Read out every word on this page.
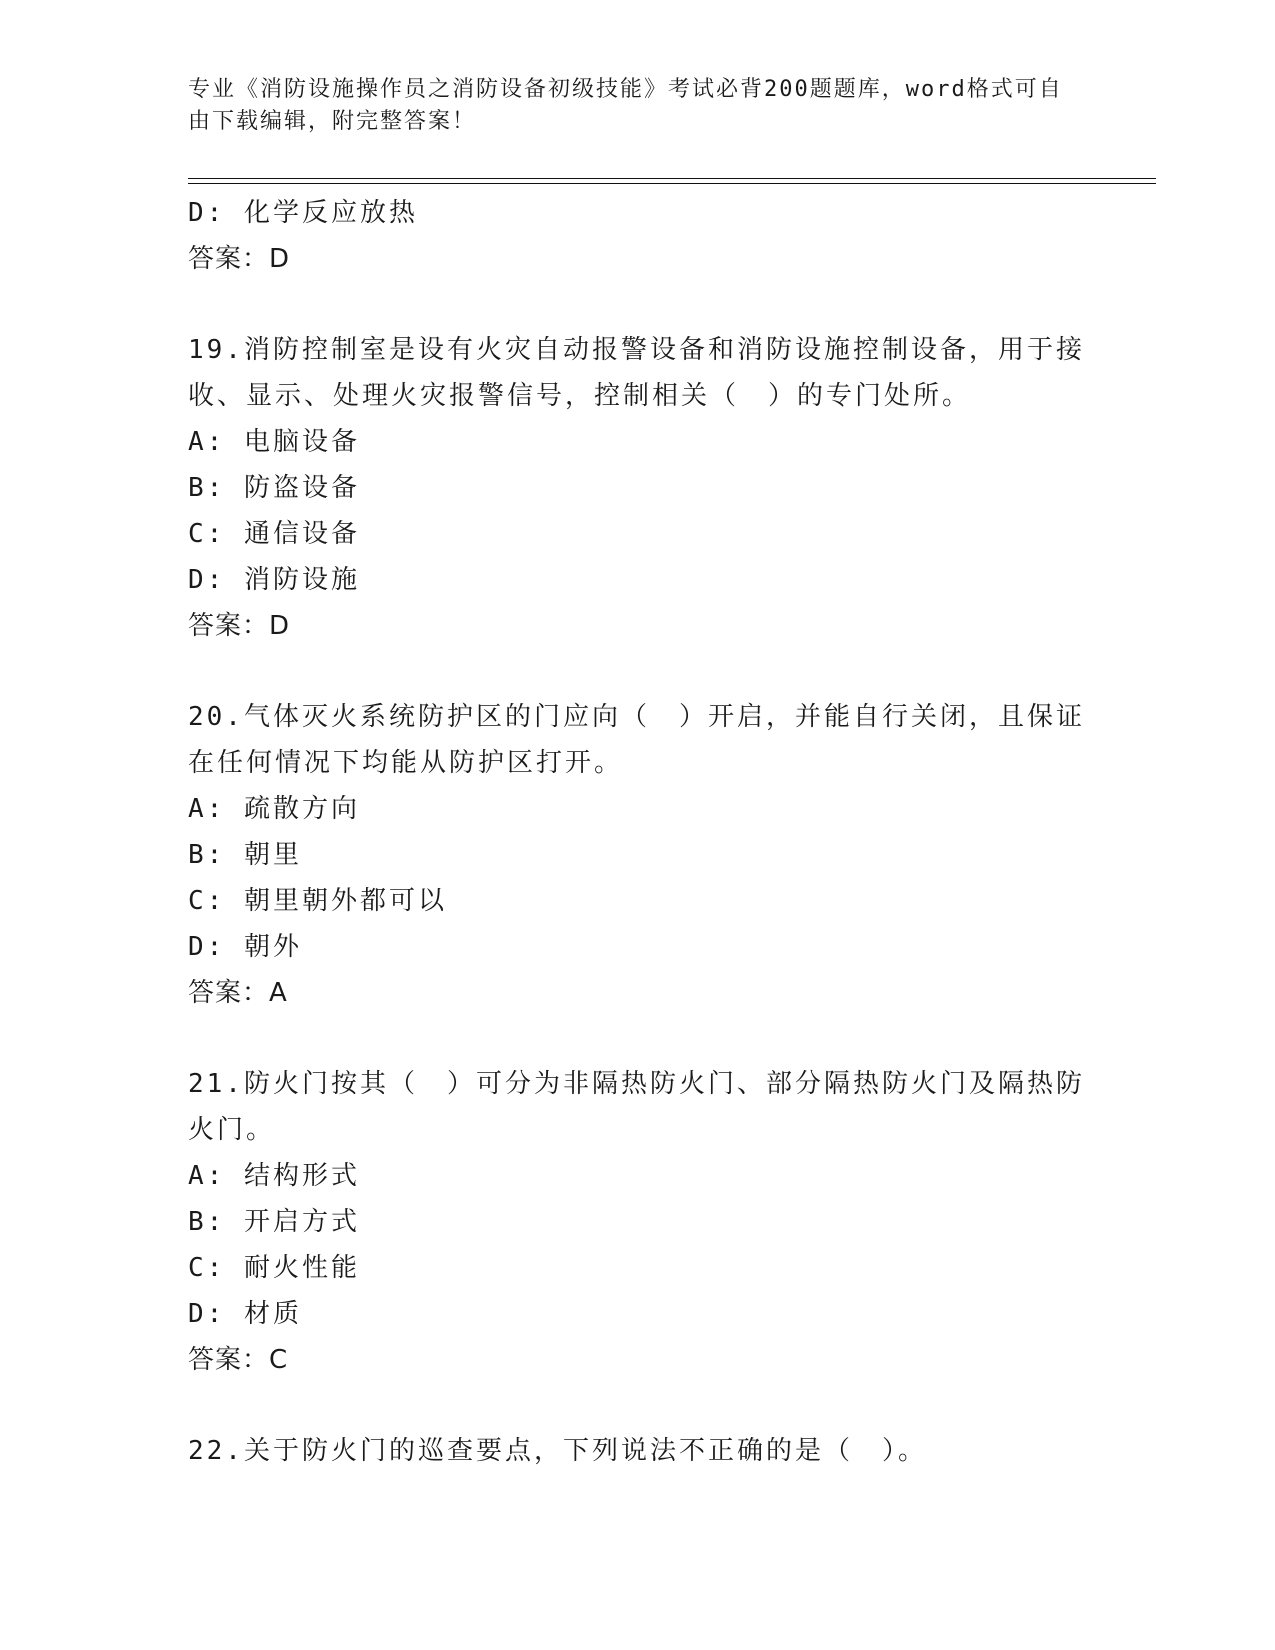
专业《消防设施操作员之消防设备初级技能》考试必背200题题库，word格式可自由下载编辑，附完整答案！
D: 化学反应放热
答案：D
19.消防控制室是设有火灾自动报警设备和消防设施控制设备，用于接收、显示、处理火灾报警信号，控制相关（　）的专门处所。
A: 电脑设备
B: 防盗设备
C: 通信设备
D: 消防设施
答案：D
20.气体灭火系统防护区的门应向（　）开启，并能自行关闭，且保证在任何情况下均能从防护区打开。
A: 疏散方向
B: 朝里
C: 朝里朝外都可以
D: 朝外
答案：A
21.防火门按其（　）可分为非隔热防火门、部分隔热防火门及隔热防火门。
A: 结构形式
B: 开启方式
C: 耐火性能
D: 材质
答案：C
22.关于防火门的巡查要点，下列说法不正确的是（　）。
